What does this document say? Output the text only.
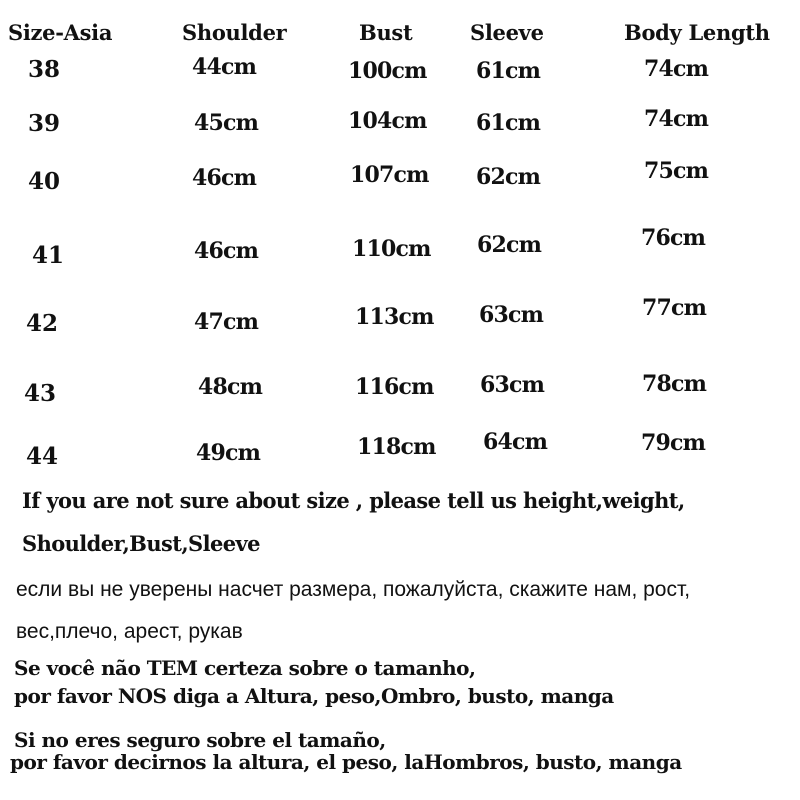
Size-Asia	Shoulder	Bust	Sleeve	Body Length
38	44cm	100cm 61cm	74cm
39	45cm	104cm 61cm	74cm
40	46cm	107cm 62cm	75cm
41	46cm	110cm 62cm	76cm
42	47cm	113cm 63cm	77cm
43	48cm	116cm 63cm	78cm
44	49cm	118cm 64cm	79cm
If you are not sure about size , please tell us height,weight,
Shoulder,Bust,Sleeve
если вы не уверены насчет размера, пожалуйста, скажите нам, рост,
вес,плечо, арест, рукав
Se você não TEM certeza sobre o tamanho,
por favor NOS diga a Altura, peso,Ombro, busto, manga
Si no eres seguro sobre el tamaño,
por favor decirnos la altura, el peso, laHombros, busto, manga
